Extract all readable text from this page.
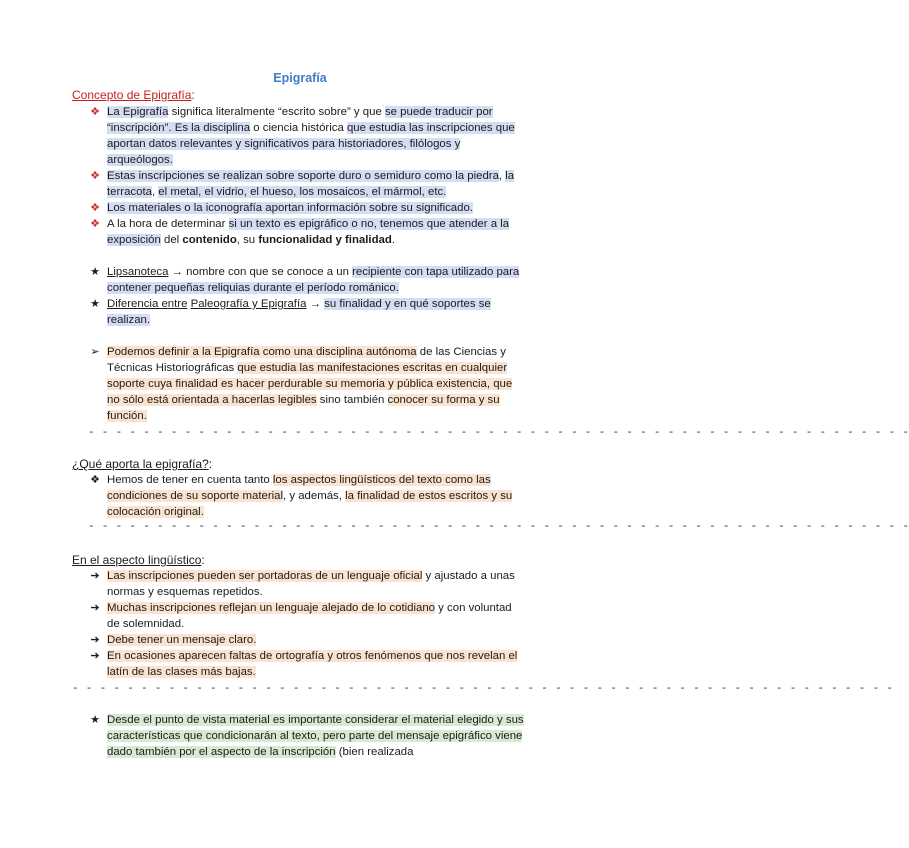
Epigrafía
Concepto de Epigrafía:
❖ La Epigrafía significa literalmente “escrito sobre” y que se puede traducir por “inscripción”. Es la disciplina o ciencia histórica que estudia las inscripciones que aportan datos relevantes y significativos para historiadores, filólogos y arqueólogos.
❖ Estas inscripciones se realizan sobre soporte duro o semiduro como la piedra, la terracota, el metal, el vidrio, el hueso, los mosaicos, el mármol, etc.
❖ Los materiales o la iconografía aportan información sobre su significado.
❖ A la hora de determinar si un texto es epigráfico o no, tenemos que atender a la exposición del contenido, su funcionalidad y finalidad.
★ Lipsanoteca → nombre con que se conoce a un recipiente con tapa utilizado para contener pequeñas reliquias durante el período románico.
★ Diferencia entre Paleografía y Epigrafía → su finalidad y en qué soportes se realizan.
➢ Podemos definir a la Epigrafía como una disciplina autónoma de las Ciencias y Técnicas Historiográficas que estudia las manifestaciones escritas en cualquier soporte cuya finalidad es hacer perdurable su memoria y pública existencia, que no sólo está orientada a hacerlas legibles sino también conocer su forma y su función.
- - - - - - - - - - - - - - - - - - - - - - - - - - - - - - - - - - - - - - - - - - - - - - - - - - - - - - - - - - - -
¿Qué aporta la epigrafía?:
❖ Hemos de tener en cuenta tanto los aspectos lingüísticos del texto como las condiciones de su soporte material, y además, la finalidad de estos escritos y su colocación original.
- - - - - - - - - - - - - - - - - - - - - - - - - - - - - - - - - - - - - - - - - - - - - - - - - - - - - - - - - - - -
En el aspecto lingüístico:
➔ Las inscripciones pueden ser portadoras de un lenguaje oficial y ajustado a unas normas y esquemas repetidos.
➔ Muchas inscripciones reflejan un lenguaje alejado de lo cotidiano y con voluntad de solemnidad.
➔ Debe tener un mensaje claro.
➔ En ocasiones aparecen faltas de ortografía y otros fenómenos que nos revelan el latín de las clases más bajas.
- - - - - - - - - - - - - - - - - - - - - - - - - - - - - - - - - - - - - - - - - - - - - - - - - - - - - - - - - - - -
★ Desde el punto de vista material es importante considerar el material elegido y sus características que condicionarán al texto, pero parte del mensaje epigráfico viene dado también por el aspecto de la inscripción (bien realizada
